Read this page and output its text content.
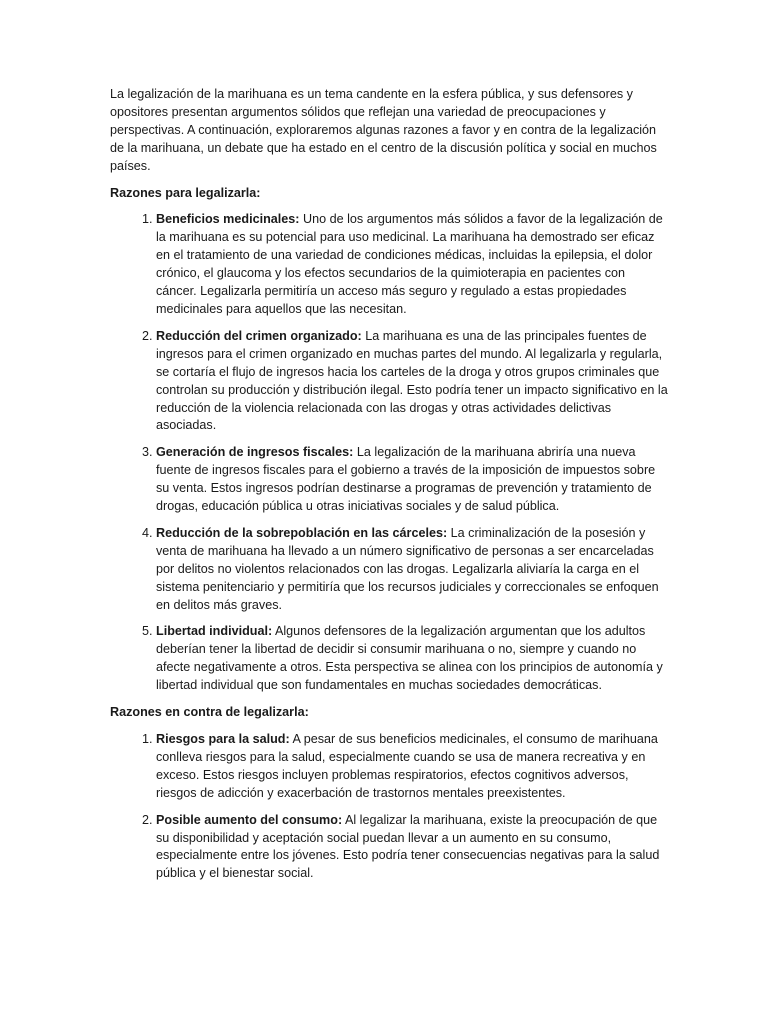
La legalización de la marihuana es un tema candente en la esfera pública, y sus defensores y opositores presentan argumentos sólidos que reflejan una variedad de preocupaciones y perspectivas. A continuación, exploraremos algunas razones a favor y en contra de la legalización de la marihuana, un debate que ha estado en el centro de la discusión política y social en muchos países.

Razones para legalizarla:

1. Beneficios medicinales: Uno de los argumentos más sólidos a favor de la legalización de la marihuana es su potencial para uso medicinal. La marihuana ha demostrado ser eficaz en el tratamiento de una variedad de condiciones médicas, incluidas la epilepsia, el dolor crónico, el glaucoma y los efectos secundarios de la quimioterapia en pacientes con cáncer. Legalizarla permitiría un acceso más seguro y regulado a estas propiedades medicinales para aquellos que las necesitan.
2. Reducción del crimen organizado: La marihuana es una de las principales fuentes de ingresos para el crimen organizado en muchas partes del mundo. Al legalizarla y regularla, se cortaría el flujo de ingresos hacia los carteles de la droga y otros grupos criminales que controlan su producción y distribución ilegal. Esto podría tener un impacto significativo en la reducción de la violencia relacionada con las drogas y otras actividades delictivas asociadas.
3. Generación de ingresos fiscales: La legalización de la marihuana abriría una nueva fuente de ingresos fiscales para el gobierno a través de la imposición de impuestos sobre su venta. Estos ingresos podrían destinarse a programas de prevención y tratamiento de drogas, educación pública u otras iniciativas sociales y de salud pública.
4. Reducción de la sobrepoblación en las cárceles: La criminalización de la posesión y venta de marihuana ha llevado a un número significativo de personas a ser encarceladas por delitos no violentos relacionados con las drogas. Legalizarla aliviaría la carga en el sistema penitenciario y permitiría que los recursos judiciales y correccionales se enfoquen en delitos más graves.
5. Libertad individual: Algunos defensores de la legalización argumentan que los adultos deberían tener la libertad de decidir si consumir marihuana o no, siempre y cuando no afecte negativamente a otros. Esta perspectiva se alinea con los principios de autonomía y libertad individual que son fundamentales en muchas sociedades democráticas.

Razones en contra de legalizarla:

1. Riesgos para la salud: A pesar de sus beneficios medicinales, el consumo de marihuana conlleva riesgos para la salud, especialmente cuando se usa de manera recreativa y en exceso. Estos riesgos incluyen problemas respiratorios, efectos cognitivos adversos, riesgos de adicción y exacerbación de trastornos mentales preexistentes.
2. Posible aumento del consumo: Al legalizar la marihuana, existe la preocupación de que su disponibilidad y aceptación social puedan llevar a un aumento en su consumo, especialmente entre los jóvenes. Esto podría tener consecuencias negativas para la salud pública y el bienestar social.
